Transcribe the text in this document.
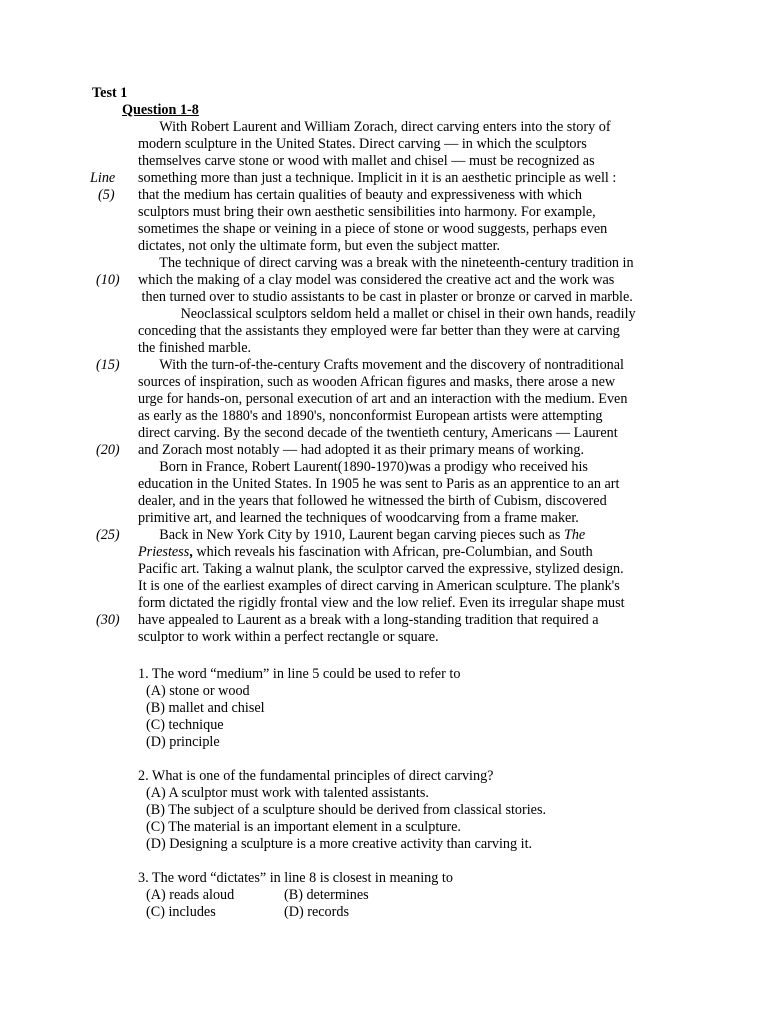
Test 1
Question 1-8
Line
(5)
(10)
(15)
(20)
(25)
(30)
With Robert Laurent and William Zorach, direct carving enters into the story of
modern sculpture in the United States. Direct carving — in which the sculptors
themselves carve stone or wood with mallet and chisel — must be recognized as
something more than just a technique. Implicit in it is an aesthetic principle as well :
that the medium has certain qualities of beauty and expressiveness with which
sculptors must bring their own aesthetic sensibilities into harmony. For example,
sometimes the shape or veining in a piece of stone or wood suggests, perhaps even
dictates, not only the ultimate form, but even the subject matter.
The technique of direct carving was a break with the nineteenth-century tradition in
which the making of a clay model was considered the creative act and the work was
then turned over to studio assistants to be cast in plaster or bronze or carved in marble.
Neoclassical sculptors seldom held a mallet or chisel in their own hands, readily
conceding that the assistants they employed were far better than they were at carving
the finished marble.
With the turn-of-the-century Crafts movement and the discovery of nontraditional
sources of inspiration, such as wooden African figures and masks, there arose a new
urge for hands-on, personal execution of art and an interaction with the medium. Even
as early as the 1880's and 1890's, nonconformist European artists were attempting
direct carving. By the second decade of the twentieth century, Americans — Laurent
and Zorach most notably — had adopted it as their primary means of working.
Born in France, Robert Laurent(1890-1970)was a prodigy who received his
education in the United States. In 1905 he was sent to Paris as an apprentice to an art
dealer, and in the years that followed he witnessed the birth of Cubism, discovered
primitive art, and learned the techniques of woodcarving from a frame maker.
Back in New York City by 1910, Laurent began carving pieces such as The
Priestess, which reveals his fascination with African, pre-Columbian, and South
Pacific art. Taking a walnut plank, the sculptor carved the expressive, stylized design.
It is one of the earliest examples of direct carving in American sculpture. The plank's
form dictated the rigidly frontal view and the low relief. Even its irregular shape must
have appealed to Laurent as a break with a long-standing tradition that required a
sculptor to work within a perfect rectangle or square.
1. The word “medium” in line 5 could be used to refer to
(A) stone or wood
(B) mallet and chisel
(C) technique
(D) principle
2. What is one of the fundamental principles of direct carving?
(A) A sculptor must work with talented assistants.
(B) The subject of a sculpture should be derived from classical stories.
(C) The material is an important element in a sculpture.
(D) Designing a sculpture is a more creative activity than carving it.
3. The word “dictates” in line 8 is closest in meaning to
(A) reads aloud	(B) determines
(C) includes	(D) records
